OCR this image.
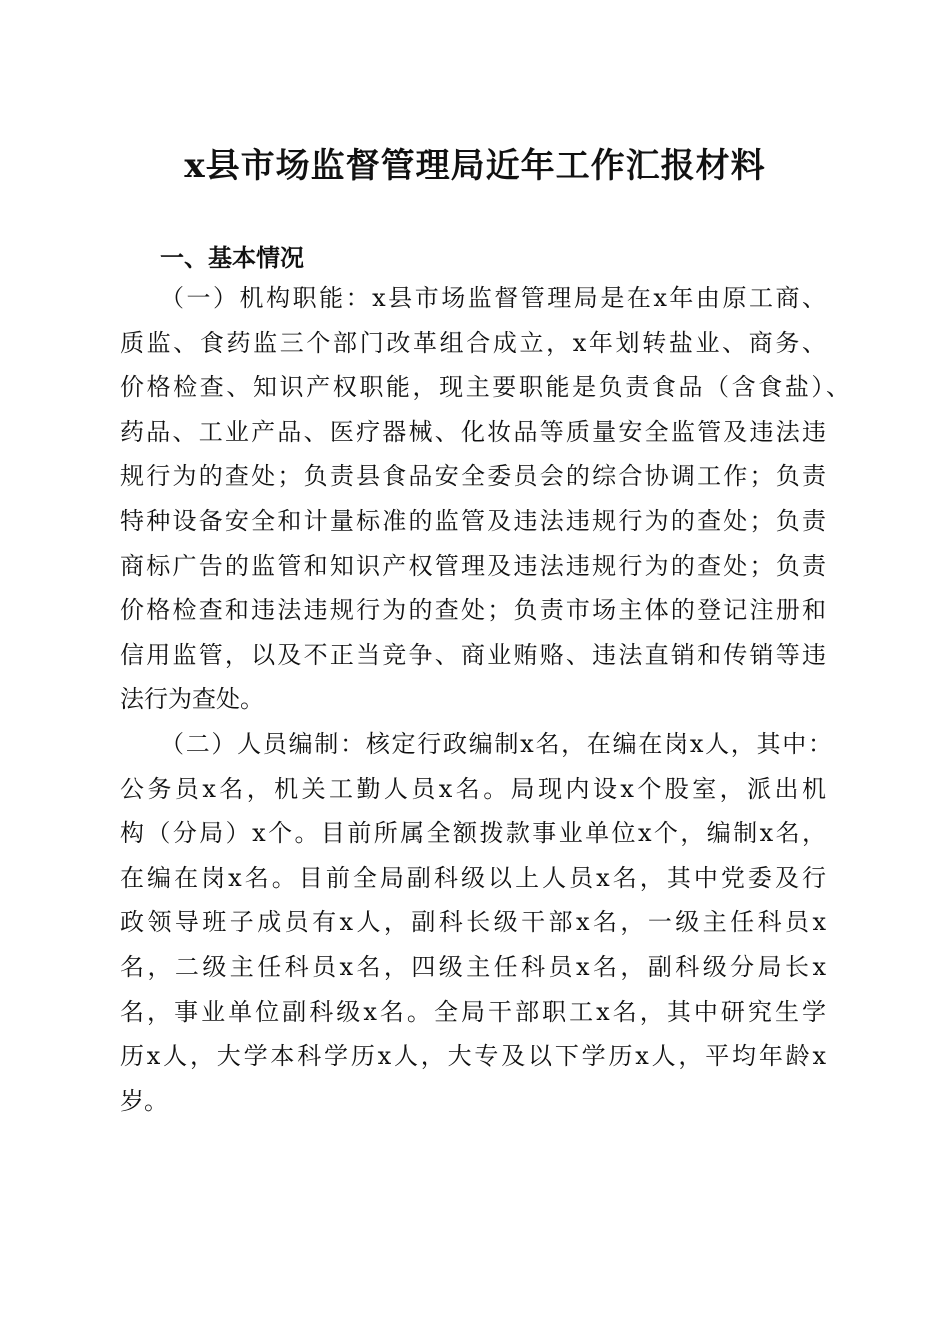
x县市场监督管理局近年工作汇报材料
一、基本情况
（一）机构职能：x县市场监督管理局是在x年由原工商、
质监、食药监三个部门改革组合成立，x年划转盐业、商务、
价格检查、知识产权职能，现主要职能是负责食品（含食盐）、
药品、工业产品、医疗器械、化妆品等质量安全监管及违法违
规行为的查处；负责县食品安全委员会的综合协调工作；负责
特种设备安全和计量标准的监管及违法违规行为的查处；负责
商标广告的监管和知识产权管理及违法违规行为的查处；负责
价格检查和违法违规行为的查处；负责市场主体的登记注册和
信用监管，以及不正当竞争、商业贿赂、违法直销和传销等违
法行为查处。
（二）人员编制：核定行政编制x名，在编在岗x人，其中：
公务员x名，机关工勤人员x名。局现内设x个股室，派出机
构（分局）x个。目前所属全额拨款事业单位x个，编制x名，
在编在岗x名。目前全局副科级以上人员x名，其中党委及行
政领导班子成员有x人，副科长级干部x名，一级主任科员x
名，二级主任科员x名，四级主任科员x名，副科级分局长x
名，事业单位副科级x名。全局干部职工x名，其中研究生学
历x人，大学本科学历x人，大专及以下学历x人，平均年龄x
岁。
